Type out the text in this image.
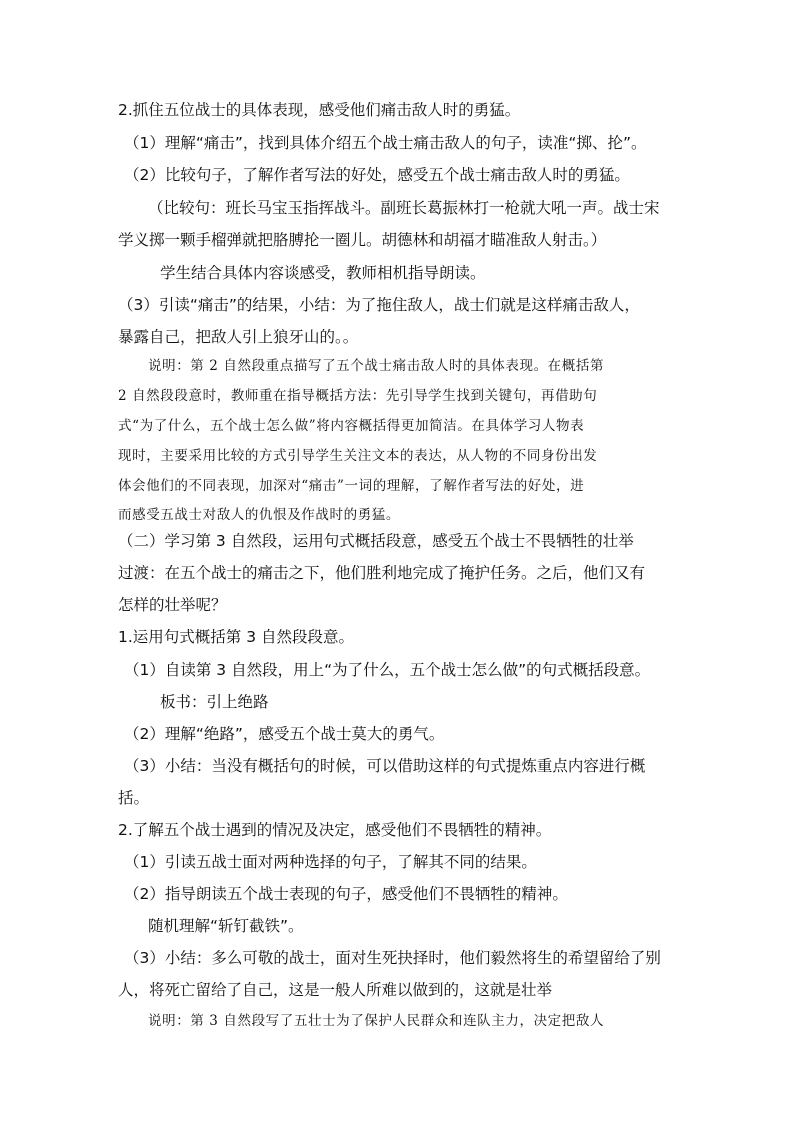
2.抓住五位战士的具体表现，感受他们痛击敌人时的勇猛。

（1）理解“痛击”，找到具体介绍五个战士痛击敌人的句子，读准“掷、抡”。

（2）比较句子，了解作者写法的好处，感受五个战士痛击敌人时的勇猛。

（比较句：班长马宝玉指挥战斗。副班长葛振林打一枪就大吼一声。战士宋

学义掷一颗手榴弹就把胳膊抡一圈儿。胡德林和胡福才瞄准敌人射击。）

学生结合具体内容谈感受，教师相机指导朗读。

（3）引读“痛击”的结果，小结：为了拖住敌人，战士们就是这样痛击敌人，

暴露自己，把敌人引上狼牙山的。。

说明：第 2 自然段重点描写了五个战士痛击敌人时的具体表现。在概括第

2 自然段段意时，教师重在指导概括方法：先引导学生找到关键句，再借助句

式“为了什么，五个战士怎么做”将内容概括得更加简洁。在具体学习人物表

现时，主要采用比较的方式引导学生关注文本的表达，从人物的不同身份出发

体会他们的不同表现，加深对“痛击”一词的理解，了解作者写法的好处，进

而感受五战士对敌人的仇恨及作战时的勇猛。

（二）学习第 3 自然段，运用句式概括段意，感受五个战士不畏牺牲的壮举

过渡：在五个战士的痛击之下，他们胜利地完成了掩护任务。之后，他们又有

怎样的壮举呢？

1.运用句式概括第 3 自然段段意。

（1）自读第 3 自然段，用上“为了什么，五个战士怎么做”的句式概括段意。

板书：引上绝路

（2）理解“绝路”，感受五个战士莫大的勇气。

（3）小结：当没有概括句的时候，可以借助这样的句式提炼重点内容进行概

括。

2.了解五个战士遇到的情况及决定，感受他们不畏牺牲的精神。

（1）引读五战士面对两种选择的句子，了解其不同的结果。

（2）指导朗读五个战士表现的句子，感受他们不畏牺牲的精神。

随机理解“斩钉截铁”。

（3）小结：多么可敬的战士，面对生死抉择时，他们毅然将生的希望留给了别

人，将死亡留给了自己，这是一般人所难以做到的，这就是壮举

说明：第 3 自然段写了五壮士为了保护人民群众和连队主力，决定把敌人
